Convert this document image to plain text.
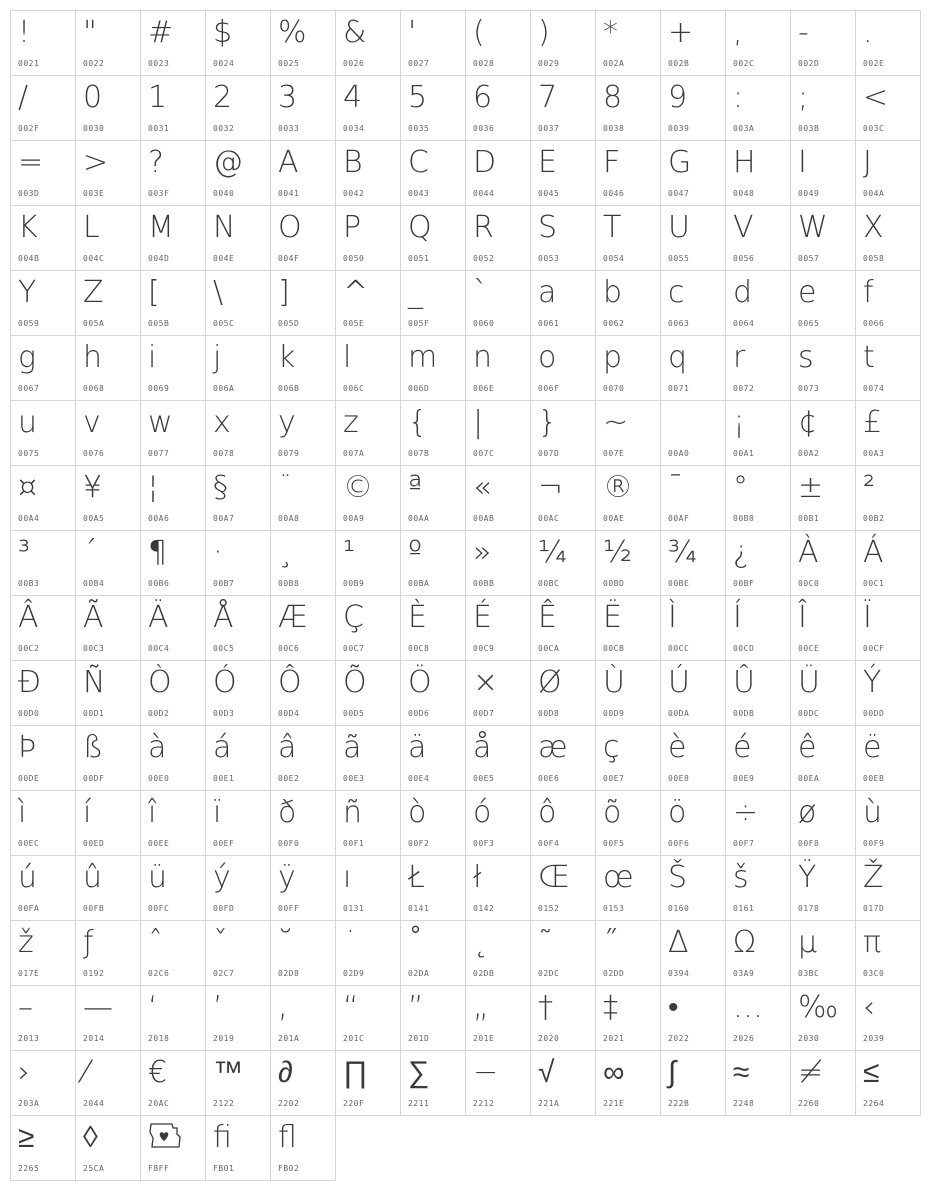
!
0021
"
0022
#
0023
$
0024
%
0025
&
0026
'
0027
(
0028
)
0029
*
002A
+
002B
,
002C
-
002D
.
002E
/
002F
0
0030
1
0031
2
0032
3
0033
4
0034
5
0035
6
0036
7
0037
8
0038
9
0039
:
003A
;
003B
<
003C
=
003D
>
003E
?
003F
@
0040
A
0041
B
0042
C
0043
D
0044
E
0045
F
0046
G
0047
H
0048
I
0049
J
004A
K
004B
L
004C
M
004D
N
004E
O
004F
P
0050
Q
0051
R
0052
S
0053
T
0054
U
0055
V
0056
W
0057
X
0058
Y
0059
Z
005A
[
005B
\
005C
]
005D
^
005E
_
005F
`
0060
a
0061
b
0062
c
0063
d
0064
e
0065
f
0066
g
0067
h
0068
i
0069
j
006A
k
006B
l
006C
m
006D
n
006E
o
006F
p
0070
q
0071
r
0072
s
0073
t
0074
u
0075
v
0076
w
0077
x
0078
y
0079
z
007A
{
007B
|
007C
}
007D
~
007E	00A0
¡
00A1
¢
00A2
£
00A3
¤
00A4
¥
00A5
¦
00A6
§
00A7
¨
00A8
©
00A9
ª
00AA
«
00AB
¬
00AC
®
00AE
¯
00AF
°
00B0
±
00B1
²
00B2
³
00B3
´
00B4
¶
00B6
·
00B7
¸
00B8
¹
00B9
º
00BA
»
00BB
¼
00BC
½
00BD
¾
00BE
¿
00BF
À
00C0
Á
00C1
Â
00C2
Ã
00C3
Ä
00C4
Å
00C5
Æ
00C6
Ç
00C7
È
00C8
É
00C9
Ê
00CA
Ë
00CB
Ì
00CC
Í
00CD
Î
00CE
Ï
00CF
Ð
00D0
Ñ
00D1
Ò
00D2
Ó
00D3
Ô
00D4
Õ
00D5
Ö
00D6
×
00D7
Ø
00D8
Ù
00D9
Ú
00DA
Û
00DB
Ü
00DC
Ý
00DD
Þ
00DE
ß
00DF
à
00E0
á
00E1
â
00E2
ã
00E3
ä
00E4
å
00E5
æ
00E6
ç
00E7
è
00E8
é
00E9
ê
00EA
ë
00EB
ì
00EC
í
00ED
î
00EE
ï
00EF
ð
00F0
ñ
00F1
ò
00F2
ó
00F3
ô
00F4
õ
00F5
ö
00F6
÷
00F7
ø
00F8
ù
00F9
ú
00FA
û
00FB
ü
00FC
ý
00FD
ÿ
00FF
ı
0131
Ł
0141
ł
0142
Œ
0152
œ
0153
Š
0160
š
0161
Ÿ
0178
Ž
017D
ž
017E
ƒ
0192
ˆ
02C6
ˇ
02C7
˘
02D8
˙
02D9
˚
02DA
˛
02DB
˜
02DC
˝
02DD
Δ
0394
Ω
03A9
μ
03BC
π
03C0
–
2013
—
2014
‘
2018
’
2019
‚
201A
“
201C
”
201D
„
201E
†
2020
‡
2021
•
2022
…
2026
‰
2030
‹
2039
›
203A
⁄
2044
€
20AC
™
2122
∂
2202
∏
220F
∑
2211
−
2212
√
221A
∞
221E
∫
222B
≈
2248
≠
2260
≤
2264
≥
2265
◊
25CA	F8FF
ﬁ
FB01
ﬂ
FB02
